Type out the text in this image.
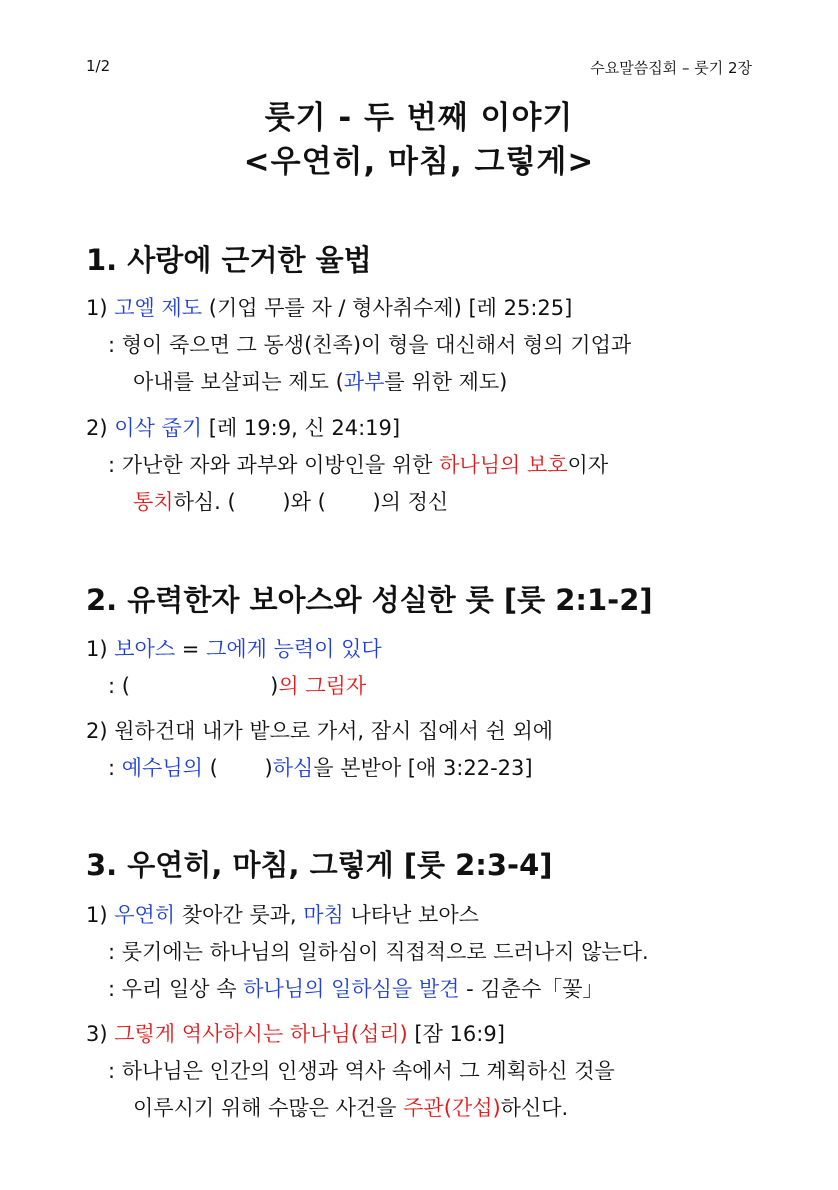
1/2	수요말씀집회 – 룻기 2장
룻기 - 두 번째 이야기
<우연히, 마침, 그렇게>
1. 사랑에 근거한 율법
1) 고엘 제도 (기업 무를 자 / 형사취수제) [레 25:25]
: 형이 죽으면 그 동생(친족)이 형을 대신해서 형의 기업과
아내를 보살피는 제도 (과부를 위한 제도)
2) 이삭 줍기 [레 19:9, 신 24:19]
: 가난한 자와 과부와 이방인을 위한 하나님의 보호이자
통치하심. (       )와 (       )의 정신
2. 유력한자 보아스와 성실한 룻 [룻 2:1-2]
1) 보아스 = 그에게 능력이 있다
: (                     )의 그림자
2) 원하건대 내가 밭으로 가서, 잠시 집에서 쉰 외에
: 예수님의 (       )하심을 본받아 [애 3:22-23]
3. 우연히, 마침, 그렇게 [룻 2:3-4]
1) 우연히 찾아간 룻과, 마침 나타난 보아스
: 룻기에는 하나님의 일하심이 직접적으로 드러나지 않는다.
: 우리 일상 속 하나님의 일하심을 발견 - 김춘수「꽃」
3) 그렇게 역사하시는 하나님(섭리) [잠 16:9]
: 하나님은 인간의 인생과 역사 속에서 그 계획하신 것을
이루시기 위해 수많은 사건을 주관(간섭)하신다.
